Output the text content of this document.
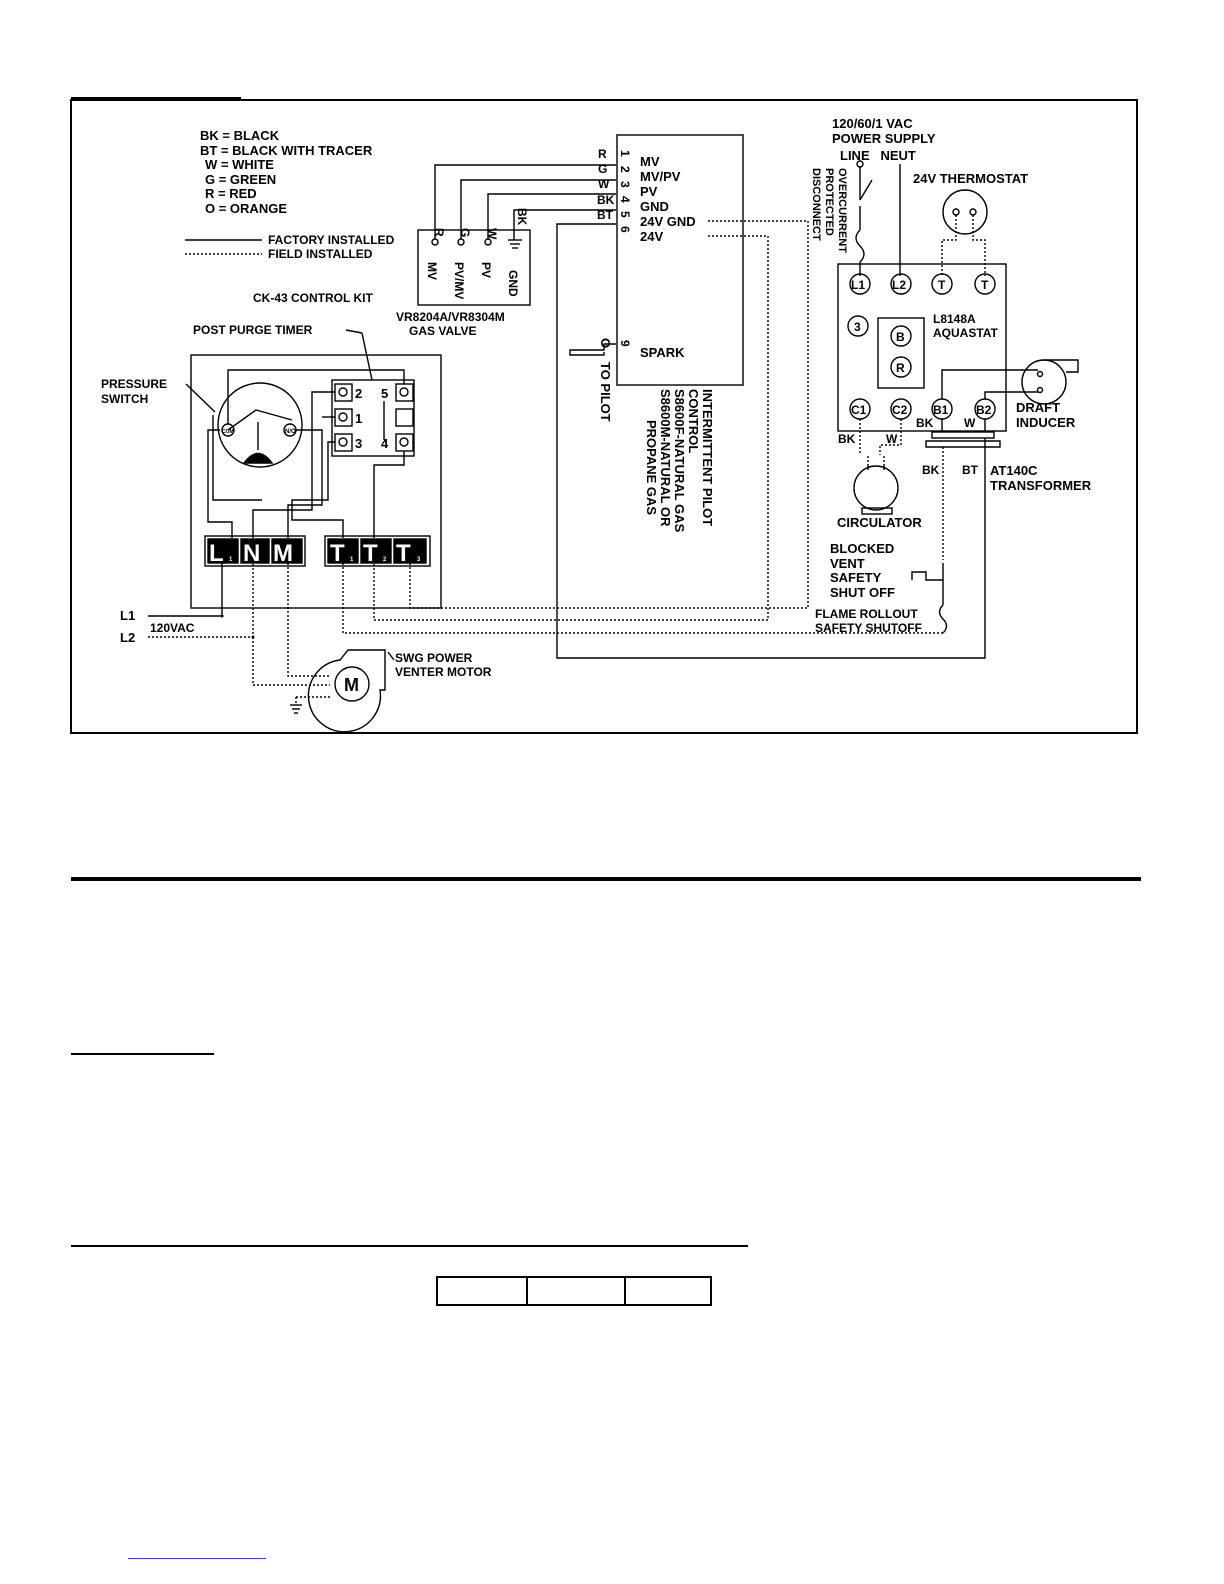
BK = BLACK
BT = BLACK WITH TRACER
W = WHITE
G = GREEN
R = RED
O = ORANGE
FACTORY INSTALLED
FIELD INSTALLED
CK-43 CONTROL KIT
POST PURGE TIMER
PRESSURE
SWITCH
COM	N/O
2
1
3
5
4
L N M T T T
1	1	2	3
L1
L2
120VAC
SWG POWER
VENTER MOTOR
M
VR8204A/VR8304M
GAS VALVE
R G W
BK
MV PV/MV PV GND
R
G
W
BK
BT
1
2
3
4
5
6
MV
MV/PV
PV
GND
24V GND
24V
O 9
SPARK
TO PILOT	INTERMITTENT PILOT
CONTROL
S8600F-NATURAL GAS
S8600M-NATURAL OR
PROPANE GAS
120/60/1 VAC
POWER SUPPLY
LINE   NEUT
OVERCURRENT
PROTECTED
DISCONNECT	24V THERMOSTAT
L1 L2	T	T
3
B
R
C1 C2 B1 B2
L8148A
AQUASTAT
DRAFT
INDUCER
BK	W
BK	W
BK BT AT140C
TRANSFORMER
CIRCULATOR
BLOCKED
VENT
SAFETY
SHUT OFF
FLAME ROLLOUT
SAFETY SHUTOFF
